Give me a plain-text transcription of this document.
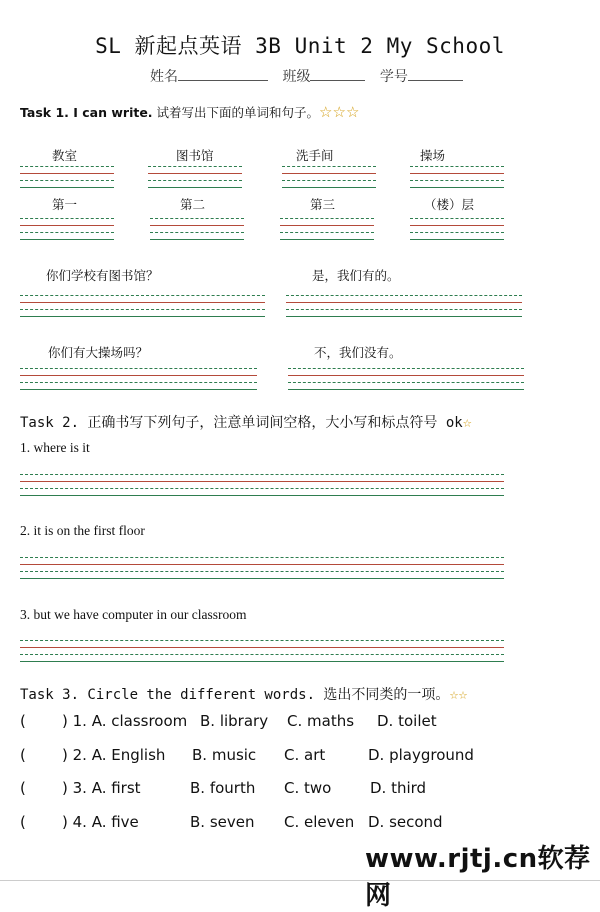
SL 新起点英语 3B Unit 2 My School
姓名	班级	学号
Task 1. I can write. 试着写出下面的单词和句子。☆☆☆
教室	图书馆	洗手间	操场
第一	第二	第三	（楼）层
你们学校有图书馆？	是，我们有的。
你们有大操场吗？	不，我们没有。
Task 2. 正确书写下列句子，注意单词间空格，大小写和标点符号 ok☆
1. where is it
2. it is on the first floor
3. but we have computer in our classroom
Task 3. Circle the different words. 选出不同类的一项。☆☆
( ) 1. A. classroom B. library C. maths D. toilet
( ) 2. A. English B. music C. art	D. playground
( ) 3. A. first	B. fourth C. two	D. third
( ) 4. A. five	B. seven C. eleven D. second
www.rjtj.cn软荐网
